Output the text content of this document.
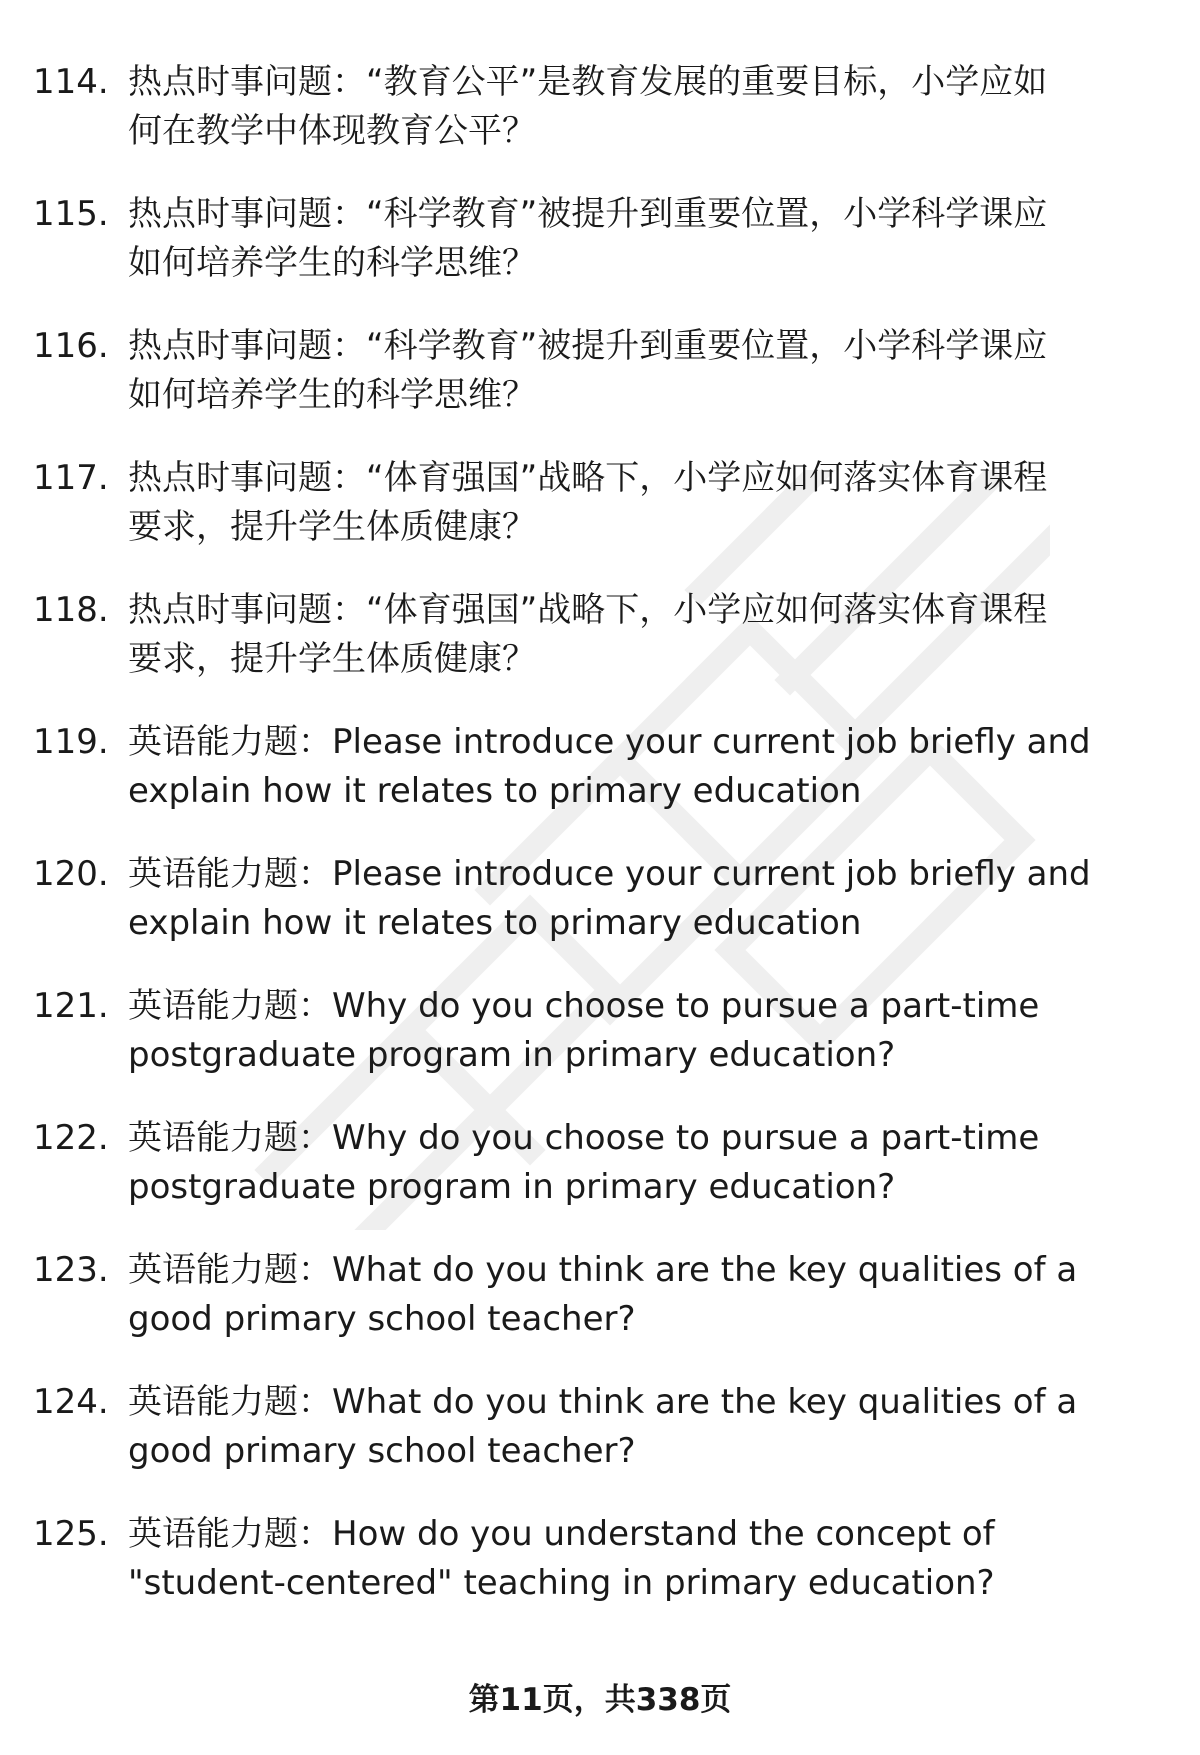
114. 热点时事问题：“教育公平”是教育发展的重要目标，小学应如
何在教学中体现教育公平？
115. 热点时事问题：“科学教育”被提升到重要位置，小学科学课应
如何培养学生的科学思维？
116. 热点时事问题：“科学教育”被提升到重要位置，小学科学课应
如何培养学生的科学思维？
117. 热点时事问题：“体育强国”战略下，小学应如何落实体育课程
要求，提升学生体质健康？
118. 热点时事问题：“体育强国”战略下，小学应如何落实体育课程
要求，提升学生体质健康？
119. 英语能力题：Please introduce your current job briefly and
explain how it relates to primary education
120. 英语能力题：Please introduce your current job briefly and
explain how it relates to primary education
121. 英语能力题：Why do you choose to pursue a part-time
postgraduate program in primary education?
122. 英语能力题：Why do you choose to pursue a part-time
postgraduate program in primary education?
123. 英语能力题：What do you think are the key qualities of a
good primary school teacher?
124. 英语能力题：What do you think are the key qualities of a
good primary school teacher?
125. 英语能力题：How do you understand the concept of
"student-centered" teaching in primary education?
第11页，共338页
